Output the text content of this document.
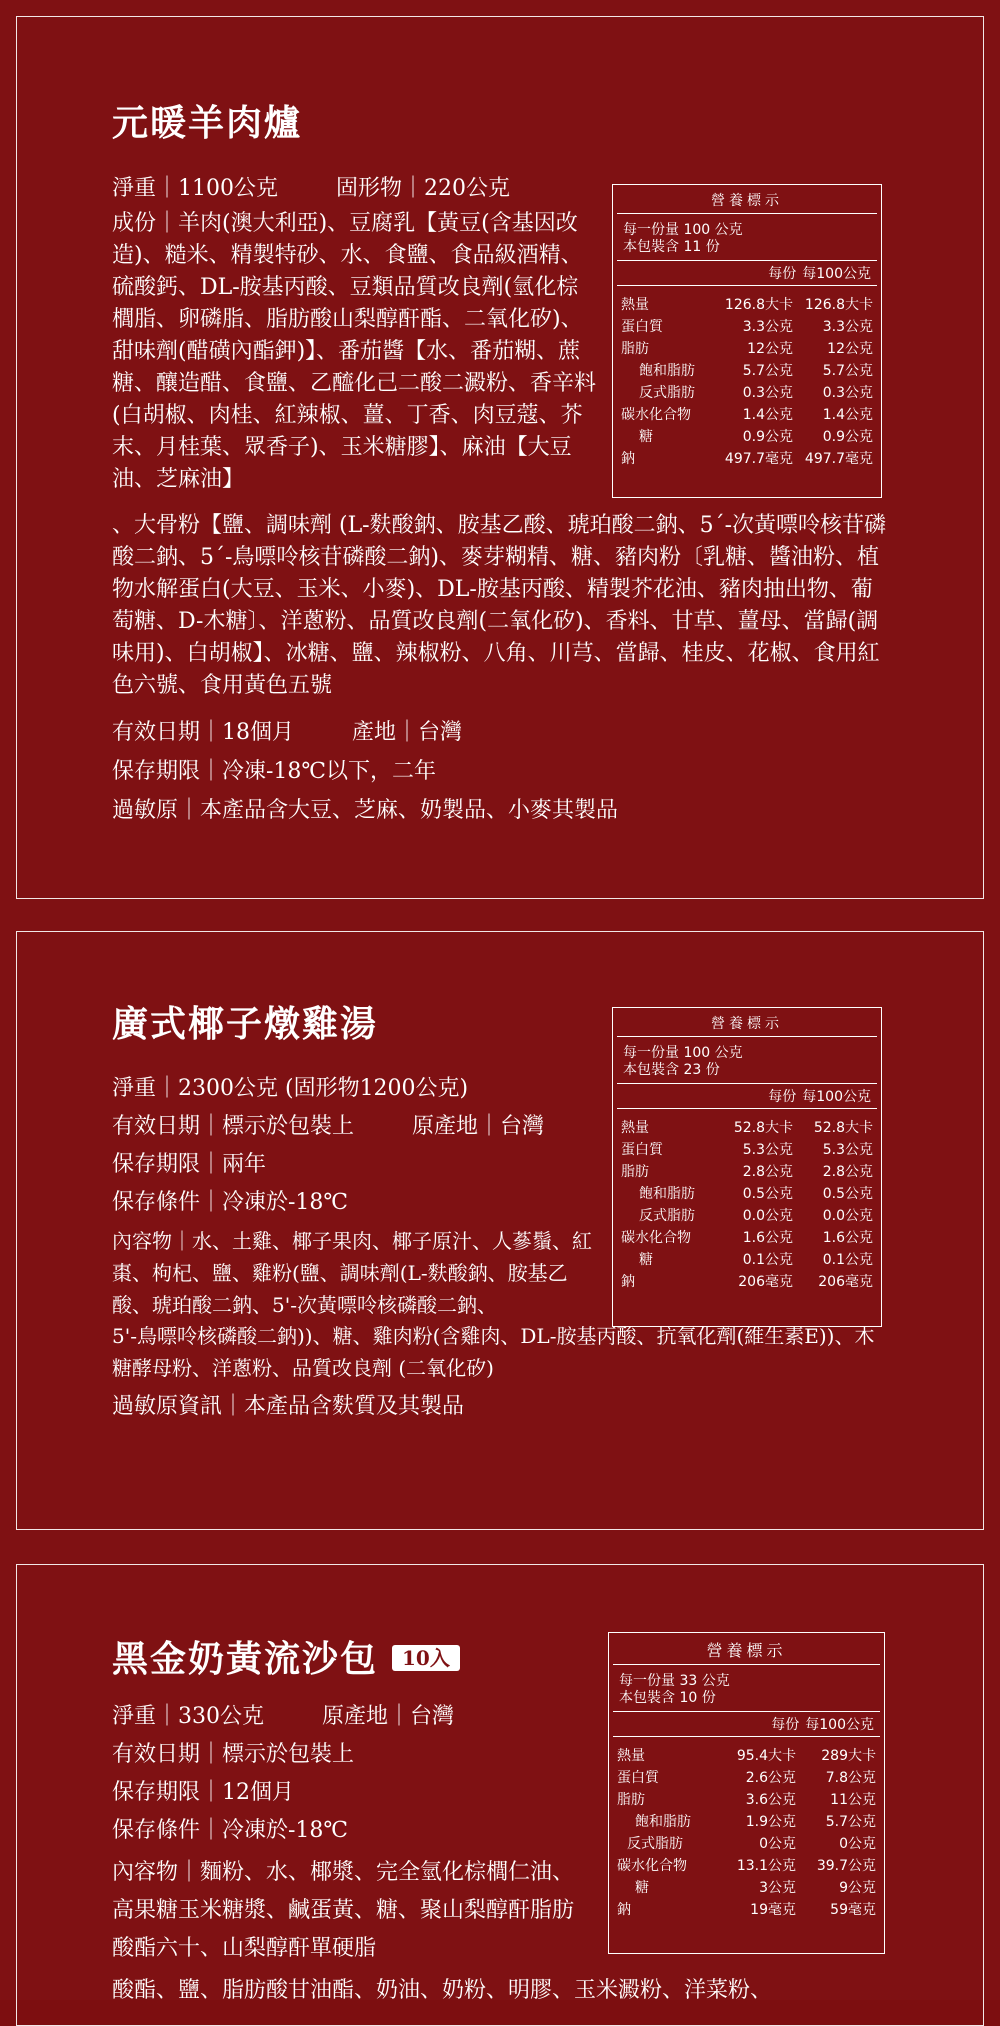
元暖羊肉爐
淨重｜1100公克	固形物｜220公克
成份｜羊肉(澳大利亞)、豆腐乳【黃豆(含基因改造)、糙米、精製特砂、水、食鹽、食品級酒精、硫酸鈣、DL-胺基丙酸、豆類品質改良劑(氫化棕櫚脂、卵磷脂、脂肪酸山梨醇酐酯、二氧化矽)、甜味劑(醋磺內酯鉀)】、番茄醬【水、番茄糊、蔗糖、釀造醋、食鹽、乙醯化己二酸二澱粉、香辛料 (白胡椒、肉桂、紅辣椒、薑、丁香、肉豆蔻、芥末、月桂葉、眾香子)、玉米糖膠】、麻油【大豆油、芝麻油】
、大骨粉【鹽、調味劑 (L-麩酸鈉、胺基乙酸、琥珀酸二鈉、5´-次黃嘌呤核苷磷酸二鈉、5´-鳥嘌呤核苷磷酸二鈉)、麥芽糊精、糖、豬肉粉〔乳糖、醬油粉、植物水解蛋白(大豆、玉米、小麥)、DL-胺基丙酸、精製芥花油、豬肉抽出物、葡萄糖、D-木糖〕、洋蔥粉、品質改良劑(二氧化矽)、香料、甘草、薑母、當歸(調味用)、白胡椒】、冰糖、鹽、辣椒粉、八角、川芎、當歸、桂皮、花椒、食用紅色六號、食用黃色五號
有效日期｜18個月	產地｜台灣
保存期限｜冷凍-18℃以下，二年
過敏原｜本產品含大豆、芝麻、奶製品、小麥其製品
營養標示
每一份量 100 公克
本包裝含 11 份
每份 每100公克
熱量	126.8大卡 126.8大卡
蛋白質	3.3公克	3.3公克
脂肪	12公克	12公克
飽和脂肪	5.7公克	5.7公克
反式脂肪	0.3公克	0.3公克
碳水化合物	1.4公克	1.4公克
糖	0.9公克	0.9公克
鈉	497.7毫克 497.7毫克
廣式椰子燉雞湯
淨重｜2300公克 (固形物1200公克)
有效日期｜標示於包裝上	原產地｜台灣
保存期限｜兩年
保存條件｜冷凍於-18℃
內容物｜水、土雞、椰子果肉、椰子原汁、人蔘鬚、紅棗、枸杞、鹽、雞粉(鹽、調味劑(L-麩酸鈉、胺基乙酸、琥珀酸二鈉、5'-次黃嘌呤核磷酸二鈉、
5'-鳥嘌呤核磷酸二鈉))、糖、雞肉粉(含雞肉、DL-胺基丙酸、抗氧化劑(維生素E))、木糖酵母粉、洋蔥粉、品質改良劑 (二氧化矽)
過敏原資訊｜本產品含麩質及其製品
營養標示
每一份量 100 公克
本包裝含 23 份
每份 每100公克
熱量	52.8大卡	52.8大卡
蛋白質	5.3公克	5.3公克
脂肪	2.8公克	2.8公克
飽和脂肪	0.5公克	0.5公克
反式脂肪	0.0公克	0.0公克
碳水化合物	1.6公克	1.6公克
糖	0.1公克	0.1公克
鈉	206毫克	206毫克
黑金奶黃流沙包 10入
淨重｜330公克	原產地｜台灣
有效日期｜標示於包裝上
保存期限｜12個月
保存條件｜冷凍於-18℃
內容物｜麵粉、水、椰漿、完全氫化棕櫚仁油、高果糖玉米糖漿、鹹蛋黃、糖、聚山梨醇酐脂肪酸酯六十、山梨醇酐單硬脂
酸酯、鹽、脂肪酸甘油酯、奶油、奶粉、明膠、玉米澱粉、洋菜粉、
營養標示
每一份量 33 公克
本包裝含 10 份
每份 每100公克
熱量	95.4大卡	289大卡
蛋白質	2.6公克	7.8公克
脂肪	3.6公克	11公克
飽和脂肪	1.9公克	5.7公克
反式脂肪	0公克	0公克
碳水化合物	13.1公克	39.7公克
糖	3公克	9公克
鈉	19毫克	59毫克
